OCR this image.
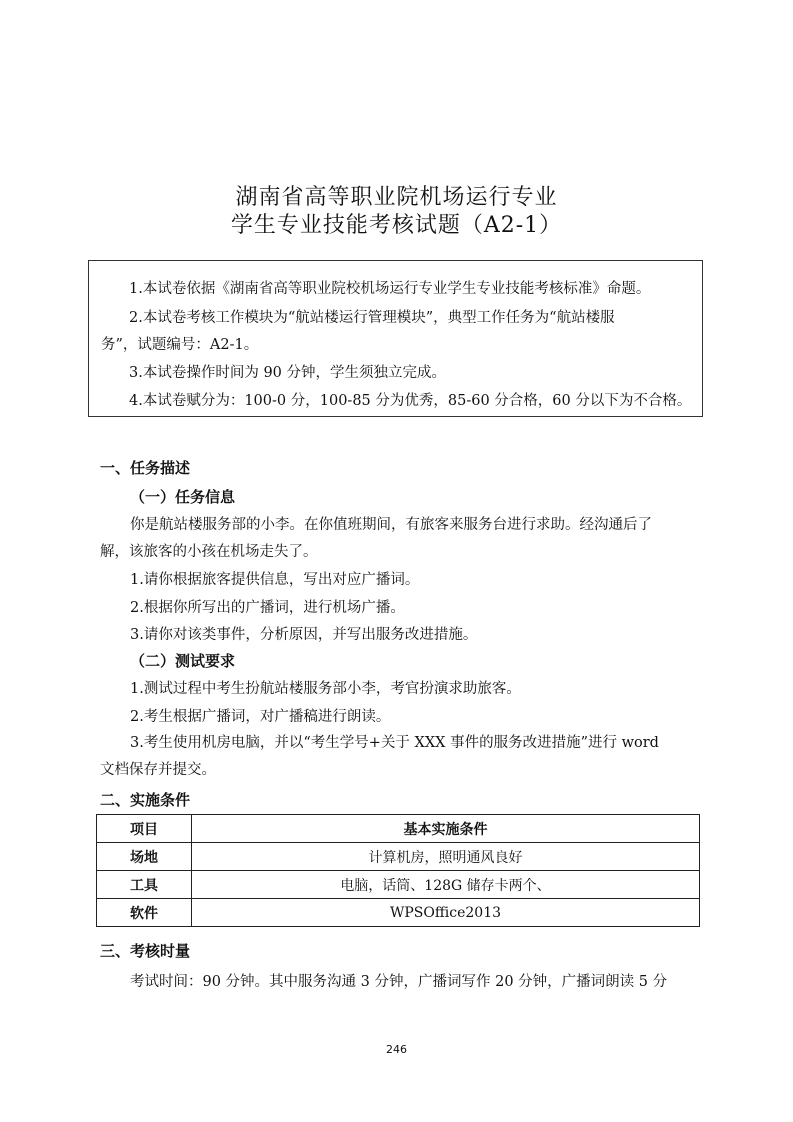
湖南省高等职业院机场运行专业
学生专业技能考核试题（A2-1）
1.本试卷依据《湖南省高等职业院校机场运行专业学生专业技能考核标准》命题。
2.本试卷考核工作模块为“航站楼运行管理模块”，典型工作任务为“航站楼服
务”，试题编号：A2-1。
3.本试卷操作时间为 90 分钟，学生须独立完成。
4.本试卷赋分为：100-0 分，100-85 分为优秀，85-60 分合格，60 分以下为不合格。
一、任务描述
（一）任务信息
你是航站楼服务部的小李。在你值班期间，有旅客来服务台进行求助。经沟通后了
解，该旅客的小孩在机场走失了。
1.请你根据旅客提供信息，写出对应广播词。
2.根据你所写出的广播词，进行机场广播。
3.请你对该类事件，分析原因，并写出服务改进措施。
（二）测试要求
1.测试过程中考生扮航站楼服务部小李，考官扮演求助旅客。
2.考生根据广播词，对广播稿进行朗读。
3.考生使用机房电脑，并以“考生学号+关于 XXX 事件的服务改进措施”进行 word
文档保存并提交。
二、实施条件
项目	基本实施条件
场地	计算机房，照明通风良好
工具	电脑，话筒、128G 储存卡两个、
软件	WPSOffice2013
三、考核时量
考试时间：90 分钟。其中服务沟通 3 分钟，广播词写作 20 分钟，广播词朗读 5 分
246
